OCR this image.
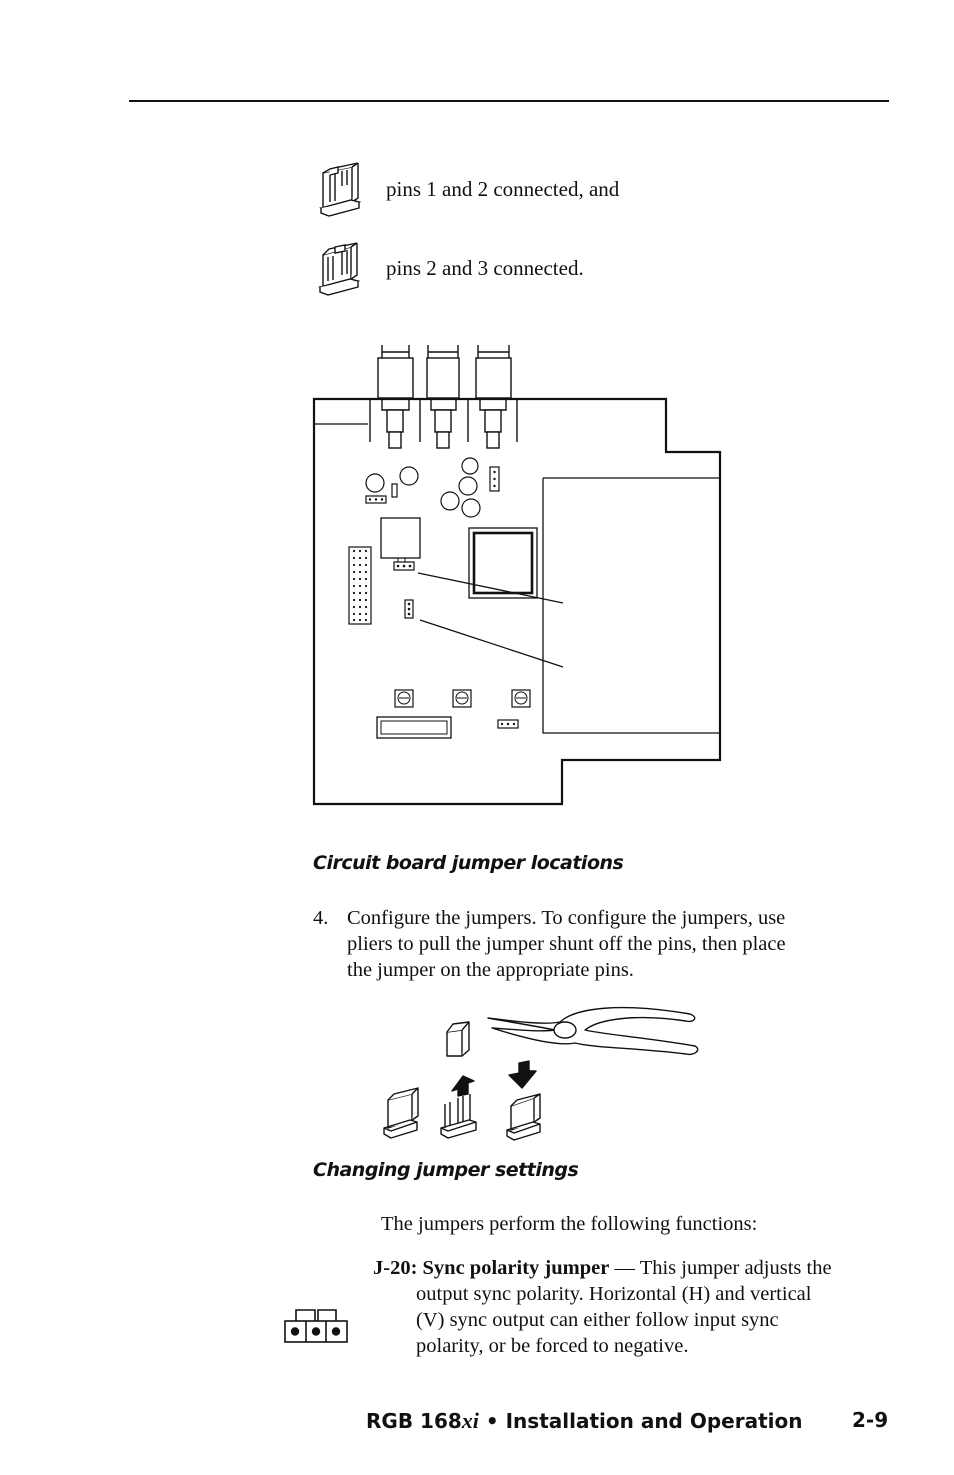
pins 1 and 2 connected, and
pins 2 and 3 connected.
Circuit board jumper locations
4. Configure the jumpers. To configure the jumpers, use
pliers to pull the jumper shunt off the pins, then place
the jumper on the appropriate pins.
Changing jumper settings
The jumpers perform the following functions:
J-20: Sync polarity jumper — This jumper adjusts the
output sync polarity. Horizontal (H) and vertical
(V) sync output can either follow input sync
polarity, or be forced to negative.
RGB 168xi • Installation and Operation 2-9
